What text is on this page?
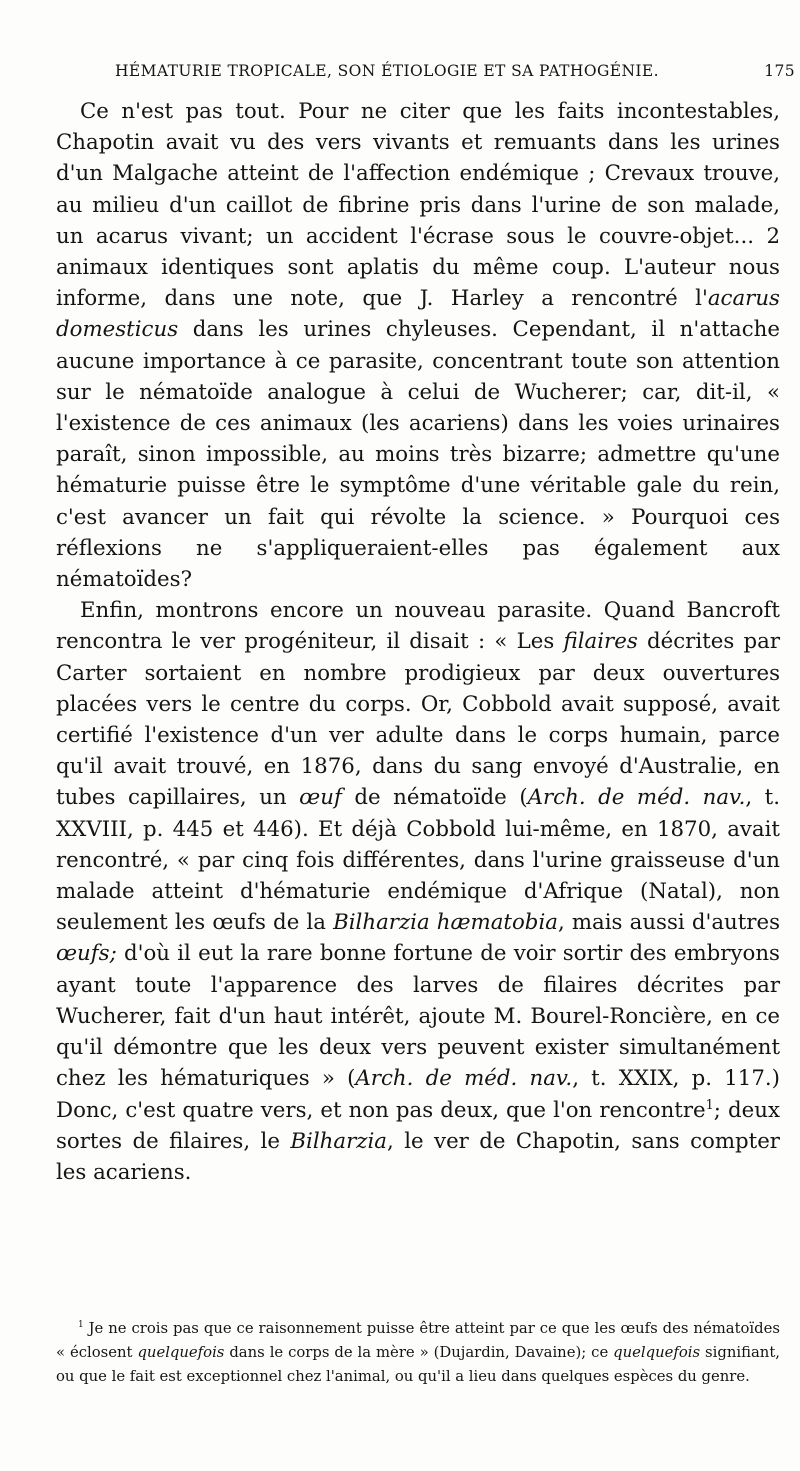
HÉMATURIE TROPICALE, SON ÉTIOLOGIE ET SA PATHOGÉNIE.	175

Ce n'est pas tout. Pour ne citer que les faits incontestables, Chapotin avait vu des vers vivants et remuants dans les urines d'un Malgache atteint de l'affection endémique ; Crevaux trouve, au milieu d'un caillot de fibrine pris dans l'urine de son malade, un acarus vivant; un accident l'écrase sous le couvre-objet... 2 animaux identiques sont aplatis du même coup. L'auteur nous informe, dans une note, que J. Harley a rencontré l'acarus domesticus dans les urines chyleuses. Cependant, il n'attache aucune importance à ce parasite, concentrant toute son attention sur le nématoïde analogue à celui de Wucherer; car, dit-il, « l'existence de ces animaux (les acariens) dans les voies urinaires paraît, sinon impossible, au moins très bizarre; admettre qu'une hématurie puisse être le symptôme d'une véritable gale du rein, c'est avancer un fait qui révolte la science. » Pourquoi ces réflexions ne s'appliqueraient-elles pas également aux nématoïdes?

Enfin, montrons encore un nouveau parasite. Quand Bancroft rencontra le ver progéniteur, il disait : « Les filaires décrites par Carter sortaient en nombre prodigieux par deux ouvertures placées vers le centre du corps. Or, Cobbold avait supposé, avait certifié l'existence d'un ver adulte dans le corps humain, parce qu'il avait trouvé, en 1876, dans du sang envoyé d'Australie, en tubes capillaires, un œuf de nématoïde (Arch. de méd. nav., t. XXVIII, p. 445 et 446). Et déjà Cobbold lui-même, en 1870, avait rencontré, « par cinq fois différentes, dans l'urine graisseuse d'un malade atteint d'hématurie endémique d'Afrique (Natal), non seulement les œufs de la Bilharzia hæmatobia, mais aussi d'autres œufs; d'où il eut la rare bonne fortune de voir sortir des embryons ayant toute l'apparence des larves de filaires décrites par Wucherer, fait d'un haut intérêt, ajoute M. Bourel-Roncière, en ce qu'il démontre que les deux vers peuvent exister simultanément chez les hématuriques » (Arch. de méd. nav., t. XXIX, p. 117.) Donc, c'est quatre vers, et non pas deux, que l'on rencontre$^1$; deux sortes de filaires, le Bilharzia, le ver de Chapotin, sans compter les acariens.

$^1$ Je ne crois pas que ce raisonnement puisse être atteint par ce que les œufs des nématoïdes « éclosent quelquefois dans le corps de la mère » (Dujardin, Davaine); ce quelquefois signifiant, ou que le fait est exceptionnel chez l'animal, ou qu'il a lieu dans quelques espèces du genre.
